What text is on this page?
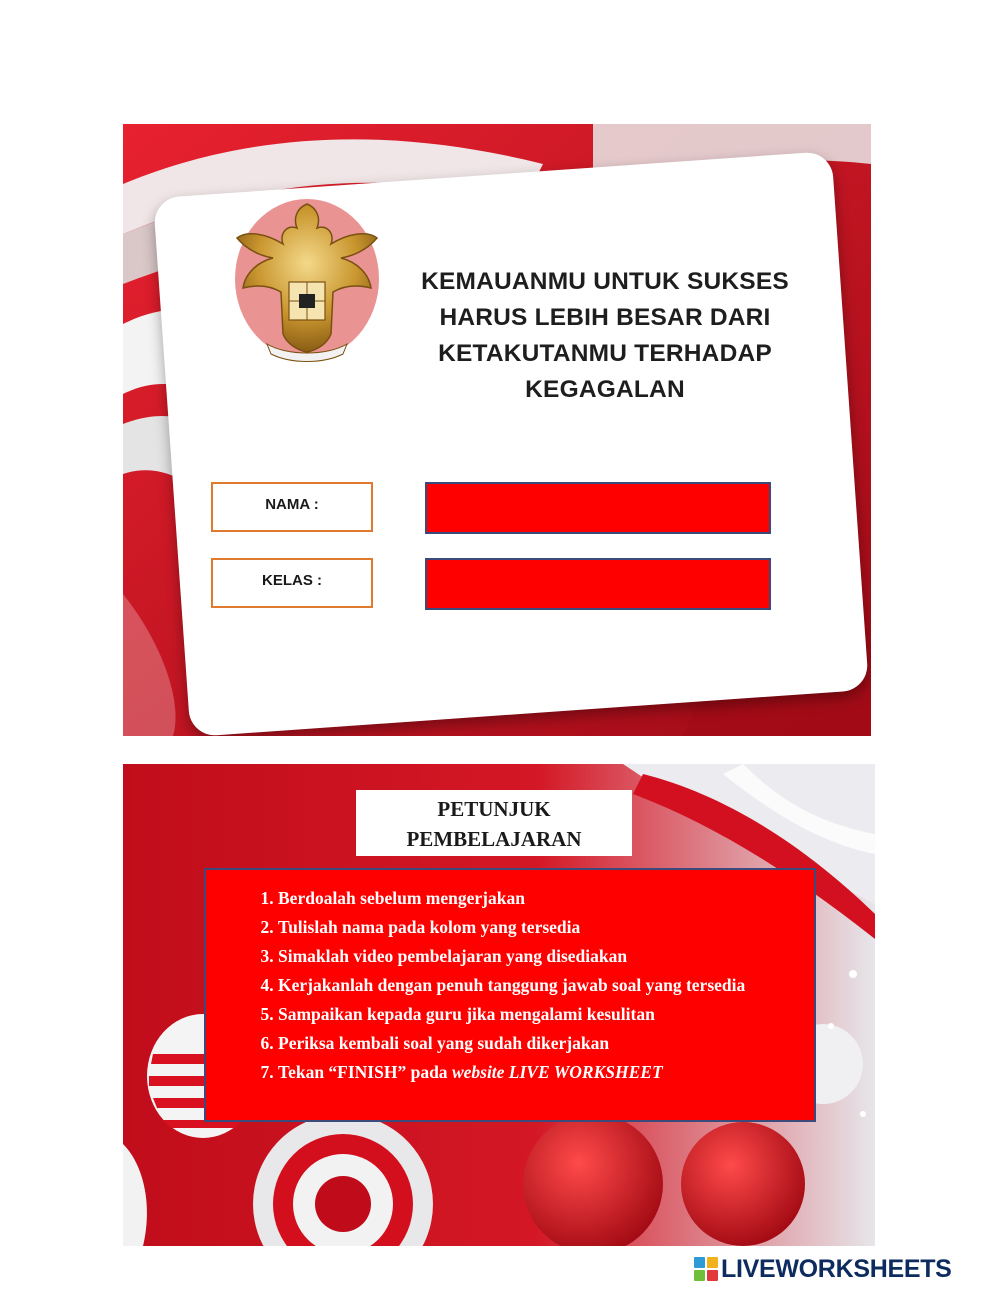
KEMAUANMU UNTUK SUKSES
HARUS LEBIH BESAR DARI
KETAKUTANMU TERHADAP
KEGAGALAN
NAMA :
KELAS :
PETUNJUK
PEMBELAJARAN
1. Berdoalah sebelum mengerjakan
2. Tulislah nama pada kolom yang tersedia
3. Simaklah video pembelajaran yang disediakan
4. Kerjakanlah dengan penuh tanggung jawab soal yang tersedia
5. Sampaikan kepada guru jika mengalami kesulitan
6. Periksa kembali soal yang sudah dikerjakan
7. Tekan “FINISH” pada website LIVE WORKSHEET
LIVEWORKSHEETS
